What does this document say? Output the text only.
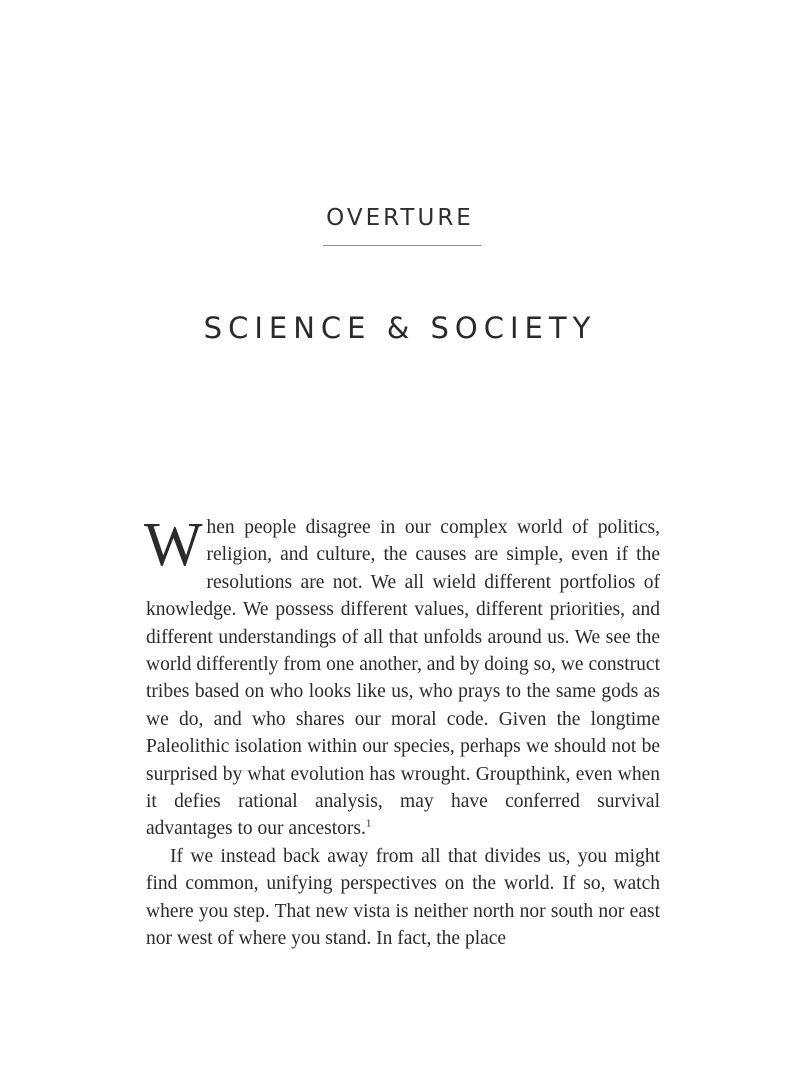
OVERTURE
SCIENCE & SOCIETY

When people disagree in our complex world of politics, religion, and culture, the causes are simple, even if the resolutions are not. We all wield different portfolios of knowledge. We possess different values, different priorities, and different understandings of all that unfolds around us. We see the world differently from one another, and by doing so, we construct tribes based on who looks like us, who prays to the same gods as we do, and who shares our moral code. Given the longtime Paleolithic isolation within our species, perhaps we should not be surprised by what evolution has wrought. Groupthink, even when it defies rational analysis, may have conferred survival advantages to our ancestors.$^1$

If we instead back away from all that divides us, you might find common, unifying perspectives on the world. If so, watch where you step. That new vista is neither north nor south nor east nor west of where you stand. In fact, the place
